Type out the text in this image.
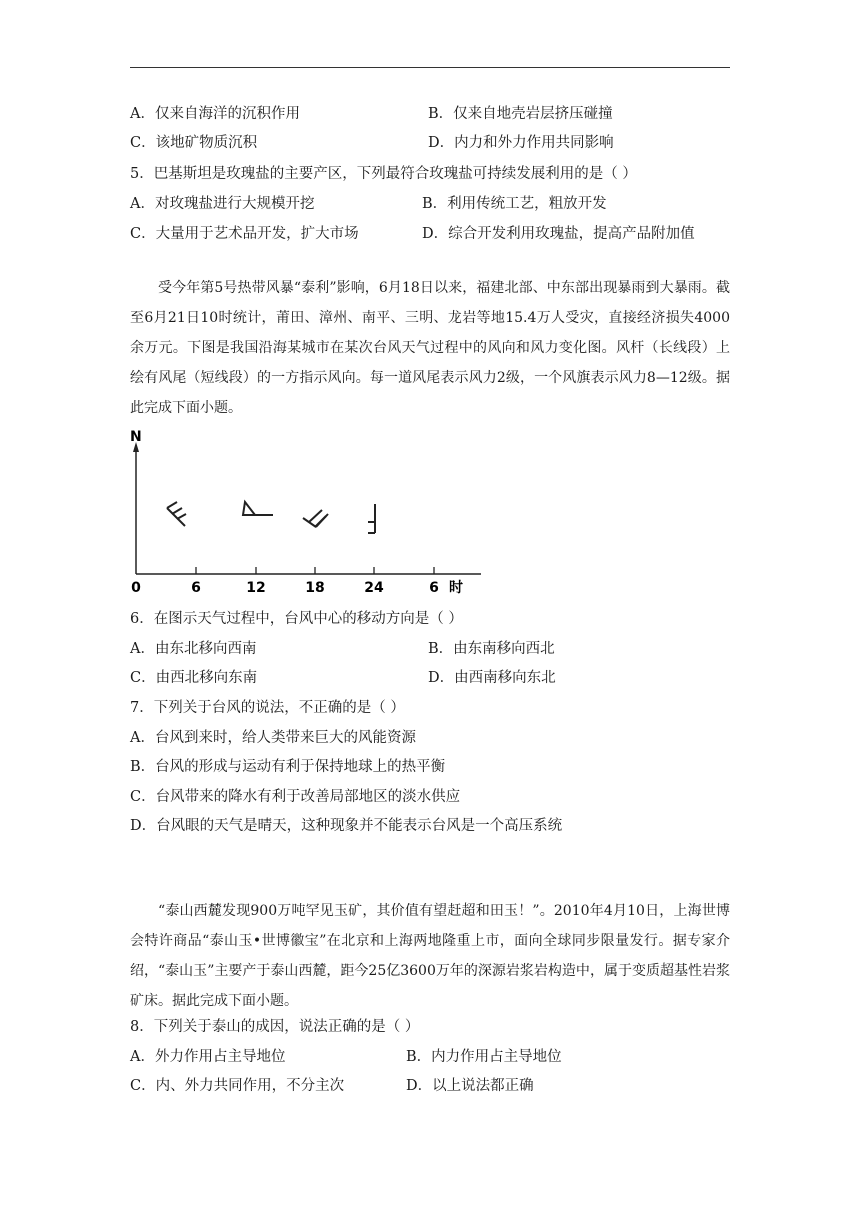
A．仅来自海洋的沉积作用	B．仅来自地壳岩层挤压碰撞
C．该地矿物质沉积	D．内力和外力作用共同影响
5．巴基斯坦是玫瑰盐的主要产区，下列最符合玫瑰盐可持续发展利用的是（ ）
A．对玫瑰盐进行大规模开挖	B．利用传统工艺，粗放开发
C．大量用于艺术品开发，扩大市场	D．综合开发利用玫瑰盐，提高产品附加值
受今年第5号热带风暴“泰利”影响，6月18日以来，福建北部、中东部出现暴雨到大暴雨。截至6月21日10时统计，莆田、漳州、南平、三明、龙岩等地15.4万人受灾，直接经济损失4000余万元。下图是我国沿海某城市在某次台风天气过程中的风向和风力变化图。风杆（长线段）上绘有风尾（短线段）的一方指示风向。每一道风尾表示风力2级，一个风旗表示风力8—12级。据此完成下面小题。
N
0	6	12	18	24	6 时
6．在图示天气过程中，台风中心的移动方向是（ ）
A．由东北移向西南	B．由东南移向西北
C．由西北移向东南	D．由西南移向东北
7．下列关于台风的说法，不正确的是（ ）
A．台风到来时，给人类带来巨大的风能资源
B．台风的形成与运动有利于保持地球上的热平衡
C．台风带来的降水有利于改善局部地区的淡水供应
D．台风眼的天气是晴天，这种现象并不能表示台风是一个高压系统
“泰山西麓发现900万吨罕见玉矿，其价值有望赶超和田玉！”。2010年4月10日，上海世博会特许商品“泰山玉•世博徽宝”在北京和上海两地隆重上市，面向全球同步限量发行。据专家介绍，“泰山玉”主要产于泰山西麓，距今25亿3600万年的深源岩浆岩构造中，属于变质超基性岩浆矿床。据此完成下面小题。
8．下列关于泰山的成因，说法正确的是（ ）
A．外力作用占主导地位	B．内力作用占主导地位
C．内、外力共同作用，不分主次	D．以上说法都正确
